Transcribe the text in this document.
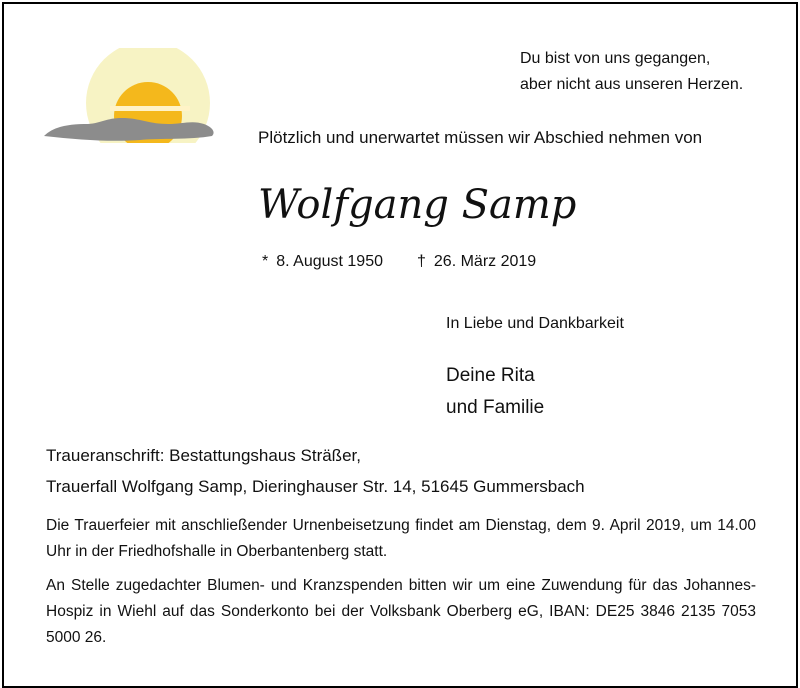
Du bist von uns gegangen,
aber nicht aus unseren Herzen.
Plötzlich und unerwartet müssen wir Abschied nehmen von
Wolfgang Samp
* 8. August 1950 † 26. März 2019
In Liebe und Dankbarkeit
Deine Rita
und Familie
Traueranschrift: Bestattungshaus Sträßer,
Trauerfall Wolfgang Samp, Dieringhauser Str. 14, 51645 Gummersbach
Die Trauerfeier mit anschließender Urnenbeisetzung findet am Dienstag, dem 9. April 2019, um 14.00 Uhr in der Friedhofshalle in Oberbantenberg statt.
An Stelle zugedachter Blumen- und Kranzspenden bitten wir um eine Zuwendung für das Johannes-Hospiz in Wiehl auf das Sonderkonto bei der Volksbank Oberberg eG, IBAN: DE25 3846 2135 7053 5000 26.
